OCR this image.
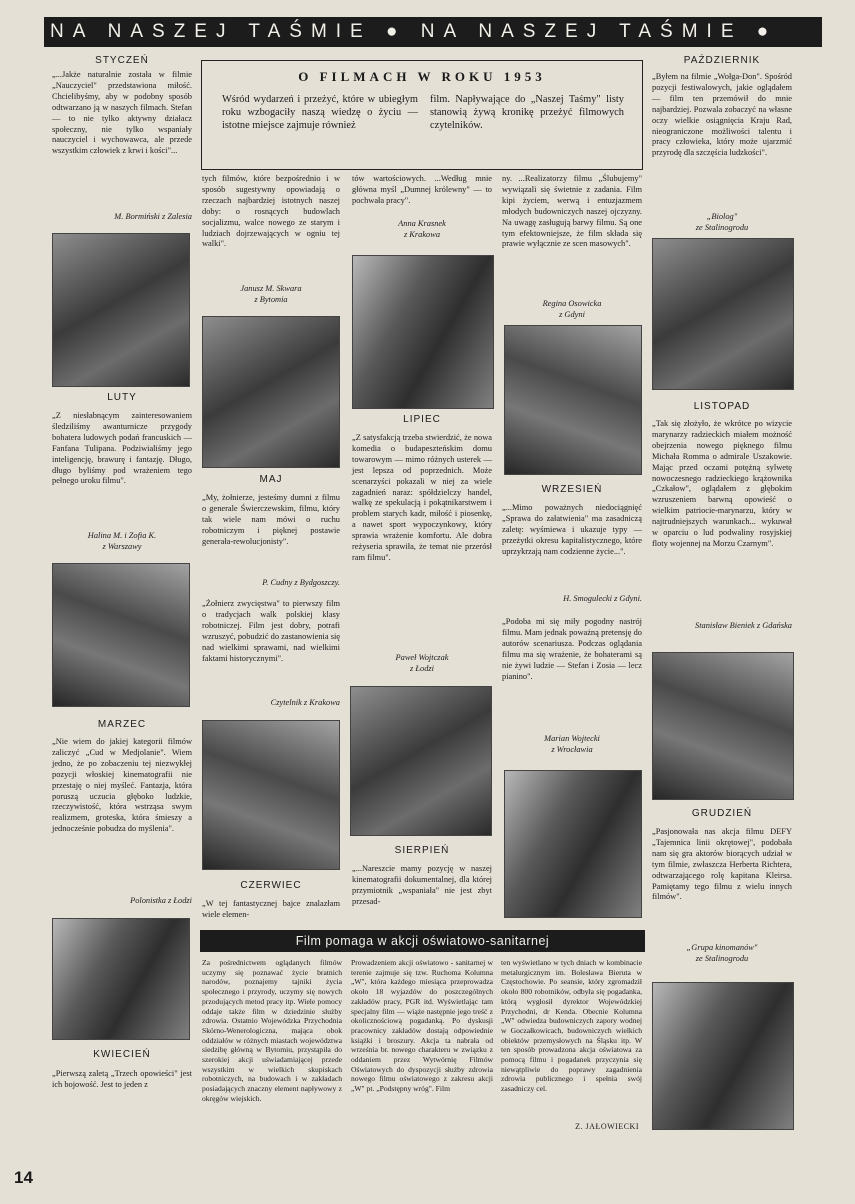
NA NASZEJ TAŚMIE ● NA NASZEJ TAŚMIE ●
O FILMACH W ROKU 1953
Wśród wydarzeń i przeżyć, które w ubiegłym roku wzbogaciły naszą wiedzę o życiu — istotne miejsce zajmuje również
film. Napływające do „Naszej Taśmy" listy stanowią żywą kronikę przeżyć filmowych czytelników.
STYCZEŃ
„...Jakże naturalnie została w filmie „Nauczyciel" przedstawiona miłość. Chcielibyśmy, aby w podobny sposób odtwarzano ją w naszych filmach. Stefan — to nie tylko aktywny działacz społeczny, nie tylko wspaniały nauczyciel i wychowawca, ale przede wszystkim człowiek z krwi i kości"...
M. Bormiński z Zalesia
LUTY
„Z niesłabnącym zainteresowaniem śledziliśmy awanturnicze przygody bohatera ludowych podań francuskich —Fanfana Tulipana. Podziwialiśmy jego inteligencję, brawurę i fantazję. Długo, długo byliśmy pod wrażeniem tego pełnego uroku filmu".
Halina M. i Zofia K.
z Warszawy
MARZEC
„Nie wiem do jakiej kategorii filmów zaliczyć „Cud w Medjolanie". Wiem jedno, że po zobaczeniu tej niezwykłej pozycji włoskiej kinematografii nie przestaję o niej myśleć. Fantazja, która poruszą uczucia głęboko ludzkie, rzeczywistość, która wstrząsa swym realizmem, groteska, która śmieszy a jednocześnie pobudza do myślenia".
Polonistka z Łodzi
KWIECIEŃ
„Pierwszą zaletą „Trzech opowieści" jest ich bojowość. Jest to jeden z
tych filmów, które bezpośrednio i w sposób sugestywny opowiadają o rzeczach najbardziej istotnych naszej doby: o rosnących budowlach socjalizmu, walce nowego ze starym i ludziach dojrzewających w ogniu tej walki".
Janusz M. Skwara
z Bytomia
MAJ
„My, żołnierze, jesteśmy dumni z filmu o generale Świerczewskim, filmu, który tak wiele nam mówi o ruchu robotniczym i pięknej postawie generała-rewolucjonisty".
P. Cudny z Bydgoszczy.
„Żołnierz zwycięstwa" to pierwszy film o tradycjach walk polskiej klasy robotniczej. Film jest dobry, potrafi wzruszyć, pobudzić do zastanowienia się nad wielkimi sprawami, nad wielkimi faktami historycznymi".
Czytelnik z Krakowa
CZERWIEC
„W tej fantastycznej bajce znalazłam wiele elemen-
tów wartościowych. ...Według mnie główna myśl „Dumnej królewny" — to pochwała pracy".
Anna Krasnek
z Krakowa
LIPIEC
„Z satysfakcją trzeba stwierdzić, że nowa komedia o budapeszteńskim domu towarowym — mimo różnych usterek — jest lepsza od poprzednich. Może scenarzyści pokazali w niej za wiele zagadnień naraz: spółdzielczy handel, walkę ze spekulacją i pokątnikarstwem i problem starych kadr, miłość i piosenkę, a nawet sport wypoczynkowy, który sprawia wrażenie komfortu. Ale dobra reżyseria sprawiła, że temat nie przerósł ram filmu".
Paweł Wojtczak
z Łodzi
SIERPIEŃ
„...Nareszcie mamy pozycję w naszej kinematografii dokumentalnej, dla której przymiotnik „wspaniała" nie jest zbyt przesad-
ny. ...Realizatorzy filmu „Ślubujemy" wywiązali się świetnie z zadania. Film kipi życiem, werwą i entuzjazmem młodych budowniczych naszej ojczyzny. Na uwagę zasługują barwy filmu. Są one tym efektowniejsze, że film składa się prawie wyłącznie ze scen masowych".
Regina Osowicka
z Gdyni
WRZESIEŃ
„...Mimo poważnych niedociągnięć „Sprawa do załatwienia" ma zasadniczą zaletę: wyśmiewa i ukazuje typy — przeżytki okresu kapitalistycznego, które uprzykrzają nam codzienne życie...".
H. Smogulecki z Gdyni.
„Podoba mi się miły pogodny nastrój filmu. Mam jednak poważną pretensję do autorów scenariusza. Podczas oglądania filmu ma się wrażenie, że bohaterami są nie żywi ludzie — Stefan i Zosia — lecz pianino".
Marian Wojtecki
z Wrocławia
PAŹDZIERNIK
„Byłem na filmie „Wołga-Don". Spośród pozycji festiwalowych, jakie oglądałem — film ten przemówił do mnie najbardziej. Pozwala zobaczyć na własne oczy wielkie osiągnięcia Kraju Rad, nieograniczone możliwości talentu i pracy człowieka, który może ujarzmić przyrodę dla szczęścia ludzkości".
„Biolog"
ze Stalinogrodu
LISTOPAD
„Tak się złożyło, że wkrótce po wizycie marynarzy radzieckich miałem możność obejrzenia nowego pięknego filmu Michała Romma o admirale Uszakowie. Mając przed oczami potężną sylwetę nowoczesnego radzieckiego krążownika „Czkałow", oglądałem z głębokim wzruszeniem barwną opowieść o wielkim patriocie-marynarzu, który w najtrudniejszych warunkach... wykuwał w oparciu o lud podwaliny rosyjskiej floty wojennej na Morzu Czarnym".
Stanisław Bieniek z Gdańska
GRUDZIEŃ
„Pasjonowała nas akcja filmu DEFY „Tajemnica linii okrętowej", podobała nam się gra aktorów biorących udział w tym filmie, zwłaszcza Herberta Richtera, odtwarzającego rolę kapitana Kleirsa. Pamiętamy tego filmu z wielu innych filmów".
„Grupa kinomanów"
ze Stalinogrodu
Film pomaga w akcji oświatowo-sanitarnej
Za pośrednictwem oglądanych filmów uczymy się poznawać życie bratnich narodów, poznajemy tajniki życia społecznego i przyrody, uczymy się nowych przodujących metod pracy itp. Wiele pomocy oddaje także film w dziedzinie służby zdrowia. Ostatnio Wojewódzka Przychodnia Skórno-Wenerologiczna, mająca obok oddziałów w różnych miastach województwa siedzibę główną w Bytomiu, przystąpiła do szerokiej akcji uświadamiającej przede wszystkim w wielkich skupiskach robotniczych, na budowach i w zakładach posiadających znaczny element napływowy z okręgów wiejskich.
Prowadzeniem akcji oświatowo - sanitarnej w terenie zajmuje się tzw. Ruchoma Kolumna „W", która każdego miesiąca przeprowadza około 18 wyjazdów do poszczególnych zakładów pracy, PGR itd. Wyświetlając tam specjalny film — wiąże następnie jego treść z okolicznościową pogadanką. Po dyskusji pracownicy zakładów dostają odpowiednie książki i broszury. Akcja ta nabrała od września br. nowego charakteru w związku z oddaniem przez Wytwórnię Filmów Oświatowych do dyspozycji służby zdrowia nowego filmu oświatowego z zakresu akcji „W" pt. „Podstępny wróg". Film
ten wyświetlano w tych dniach w kombinacie metalurgicznym im. Bolesława Bieruta w Częstochowie. Po seansie, który zgromadził około 800 robotników, odbyła się pogadanka, którą wygłosił dyrektor Wojewódzkiej Przychodni, dr Kenda. Obecnie Kolumna „W" odwiedza budowniczych zapory wodnej w Goczałkowicach, budowniczych wielkich obiektów przemysłowych na Śląsku itp. W ten sposób prowadzona akcja oświatowa za pomocą filmu i pogadanek przyczynia się niewątpliwie do poprawy zagadnienia zdrowia publicznego i spełnia swój zasadniczy cel.
Z. JAŁOWIECKI
14
